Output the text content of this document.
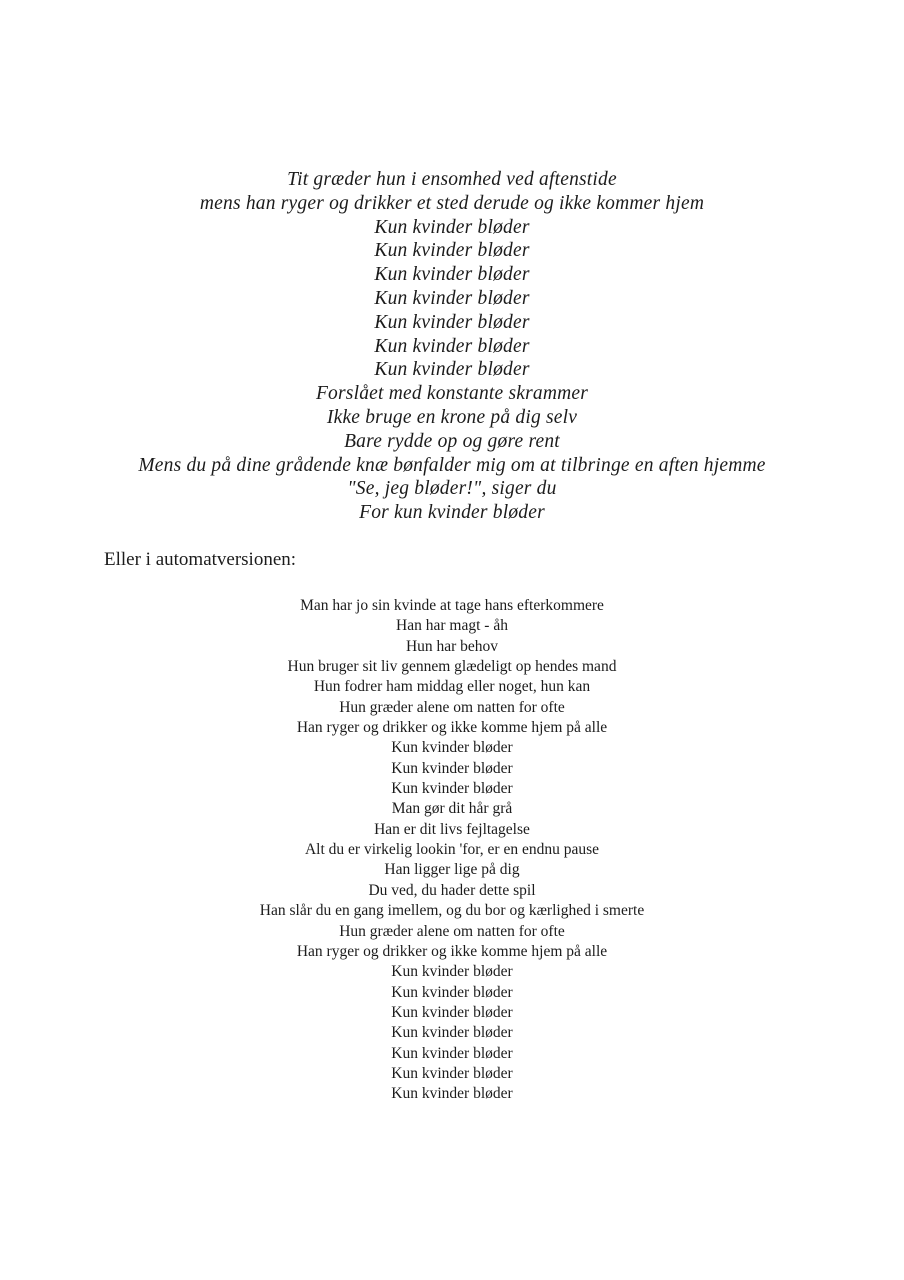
Tit græder hun i ensomhed ved aftenstide
mens han ryger og drikker et sted derude og ikke kommer hjem
Kun kvinder bløder
Kun kvinder bløder
Kun kvinder bløder
Kun kvinder bløder
Kun kvinder bløder
Kun kvinder bløder
Kun kvinder bløder
Forslået med konstante skrammer
Ikke bruge en krone på dig selv
Bare rydde op og gøre rent
Mens du på dine grådende knæ bønfalder mig om at tilbringe en aften hjemme
"Se, jeg bløder!", siger du
For kun kvinder bløder
Eller i automatversionen:
Man har jo sin kvinde at tage hans efterkommere
Han har magt - åh
Hun har behov
Hun bruger sit liv gennem glædeligt op hendes mand
Hun fodrer ham middag eller noget, hun kan
Hun græder alene om natten for ofte
Han ryger og drikker og ikke komme hjem på alle
Kun kvinder bløder
Kun kvinder bløder
Kun kvinder bløder
Man gør dit hår grå
Han er dit livs fejltagelse
Alt du er virkelig lookin 'for, er en endnu pause
Han ligger lige på dig
Du ved, du hader dette spil
Han slår du en gang imellem, og du bor og kærlighed i smerte
Hun græder alene om natten for ofte
Han ryger og drikker og ikke komme hjem på alle
Kun kvinder bløder
Kun kvinder bløder
Kun kvinder bløder
Kun kvinder bløder
Kun kvinder bløder
Kun kvinder bløder
Kun kvinder bløder
